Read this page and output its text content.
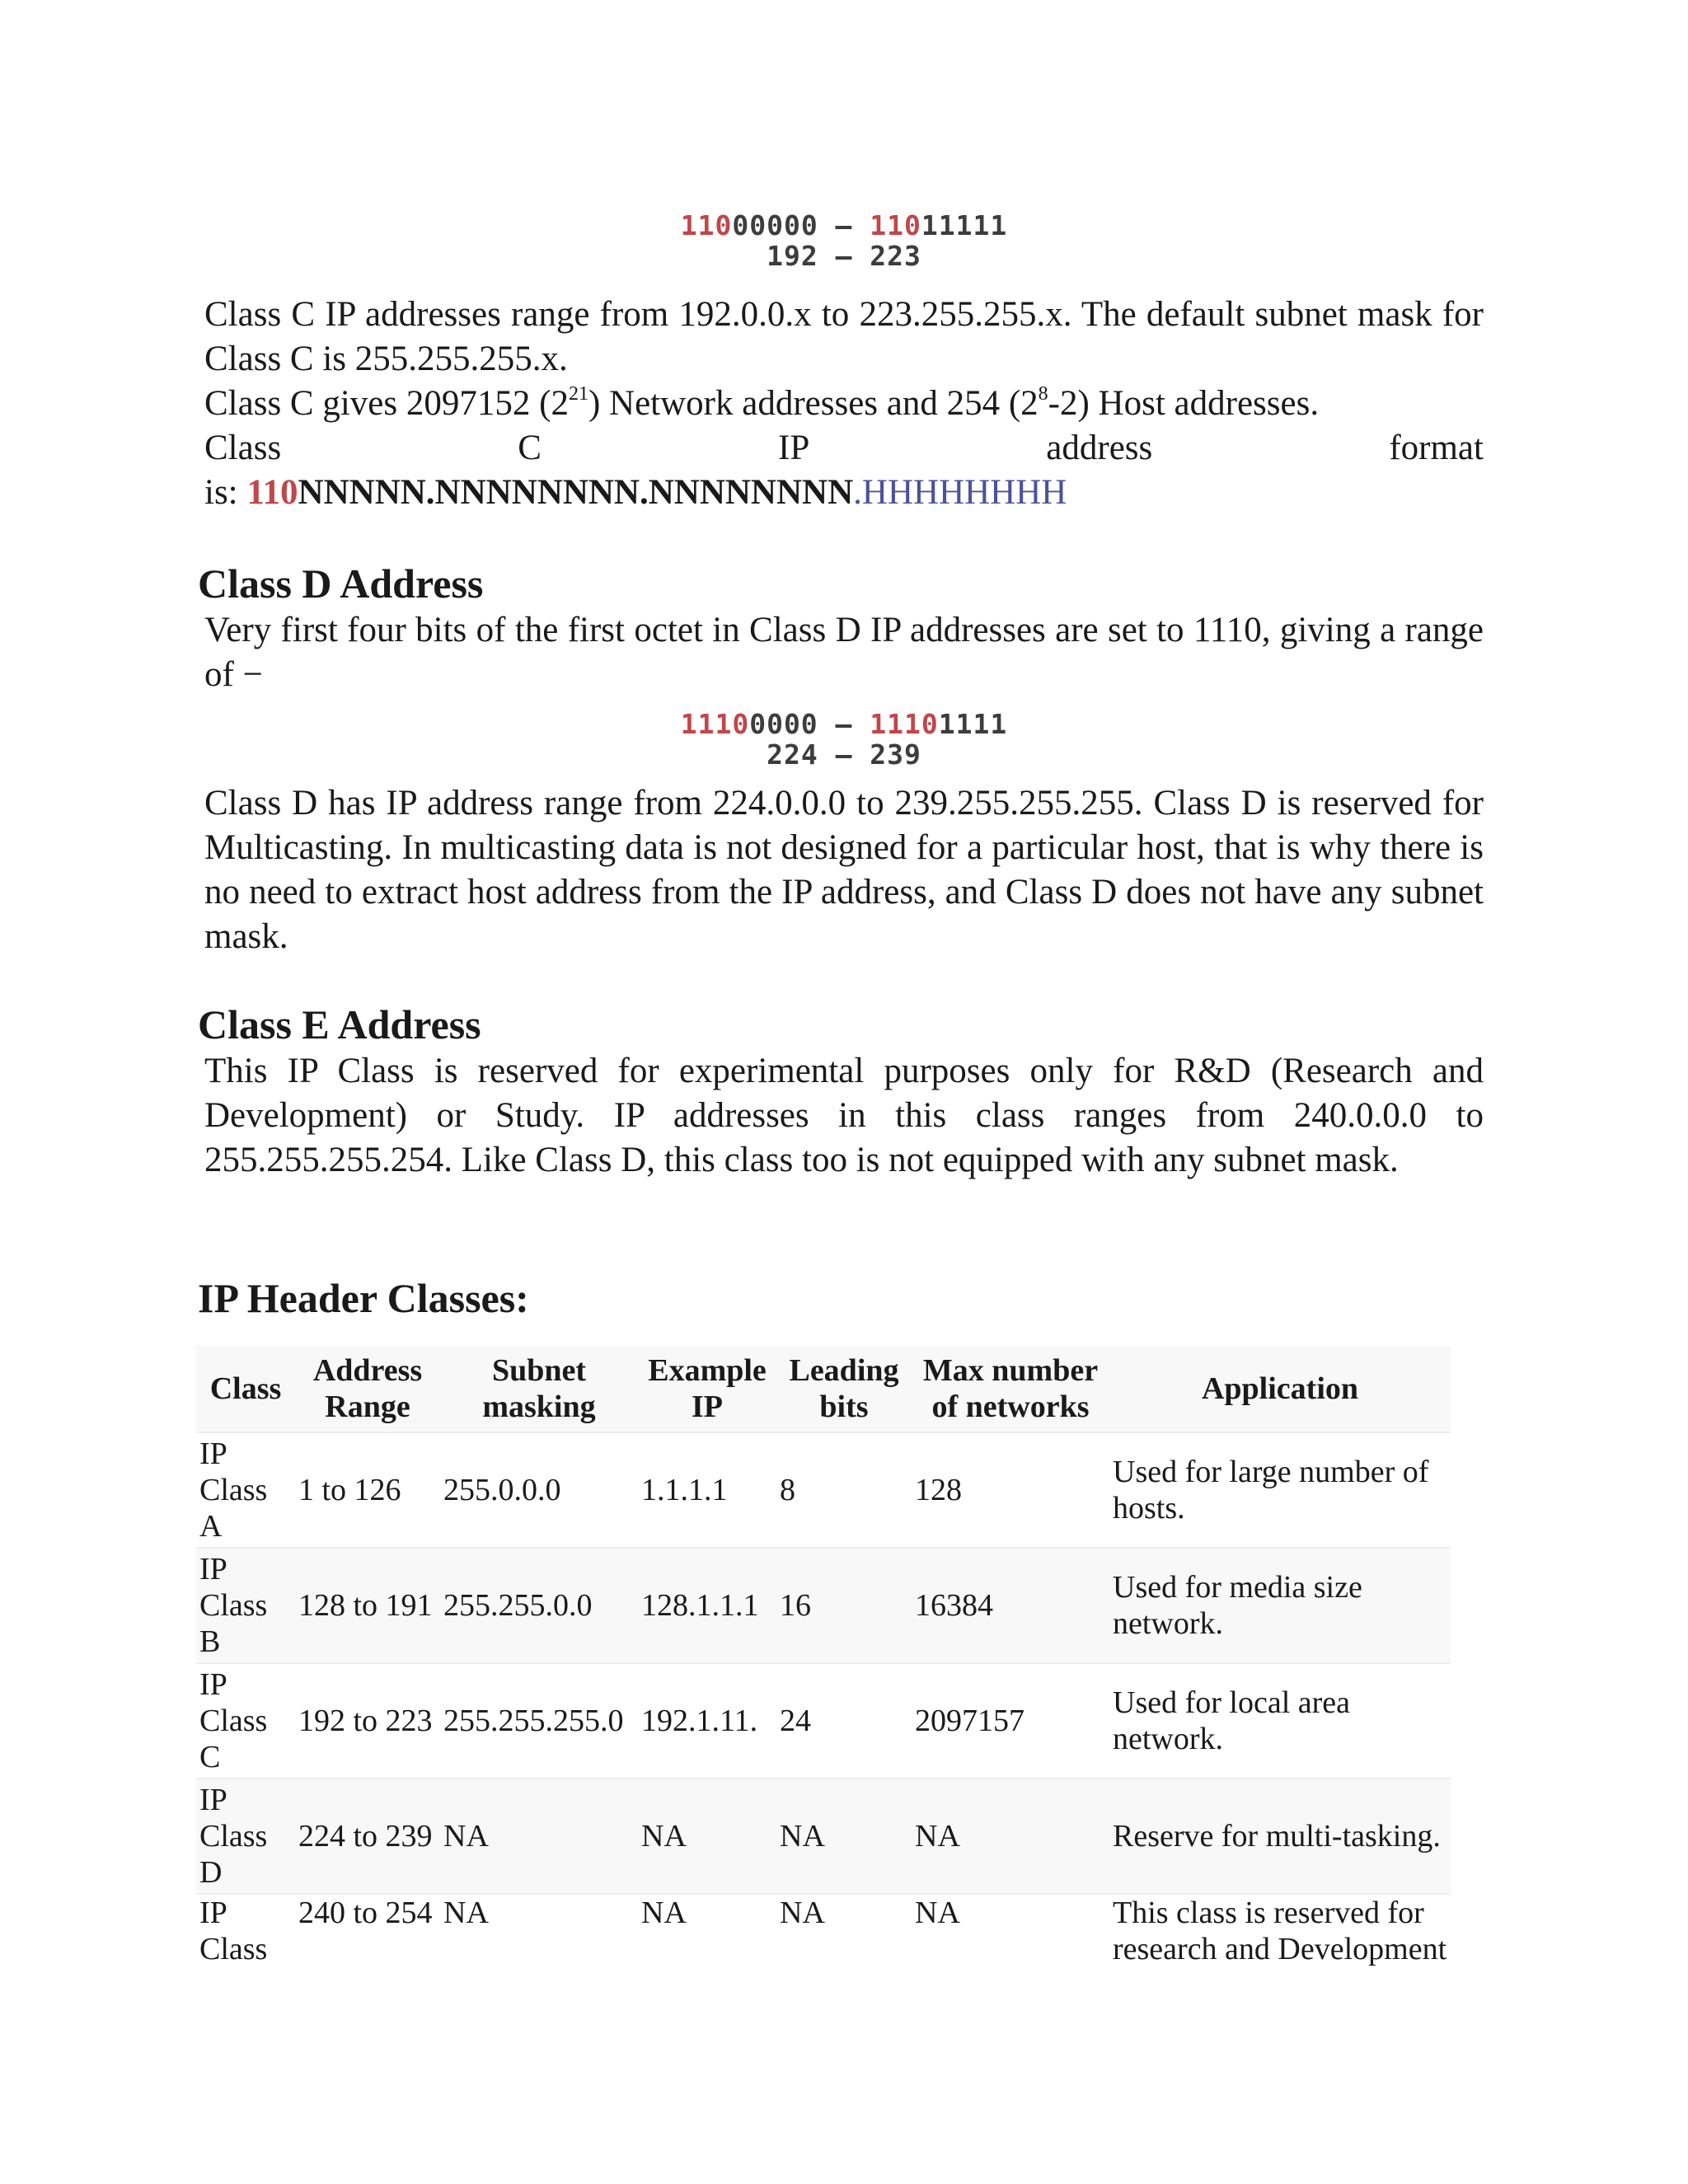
11000000 – 11011111
192 – 223

Class C IP addresses range from 192.0.0.x to 223.255.255.x. The default subnet mask for Class C is 255.255.255.x.

Class C gives 2097152 $(2^{21})$ Network addresses and 254 $(2^8-2)$ Host addresses.

Class	C	IP	address	format
is: 110NNNNN.NNNNNNNN.NNNNNNNN.HHHHHHHH
Class D Address

Very first four bits of the first octet in Class D IP addresses are set to 1110, giving a range of −

11100000 – 11101111
224 – 239

Class D has IP address range from 224.0.0.0 to 239.255.255.255. Class D is reserved for Multicasting. In multicasting data is not designed for a particular host, that is why there is no need to extract host address from the IP address, and Class D does not have any subnet mask.

Class E Address

This IP Class is reserved for experimental purposes only for R&D (Research and Development) or Study. IP addresses in this class ranges from 240.0.0.0 to 255.255.255.254. Like Class D, this class too is not equipped with any subnet mask.

IP Header Classes:
Class	Address Range	Subnet masking	Example IP	Leading bits	Max number of networks	Application

IP
Class
A	1 to 126	255.0.0.0	1.1.1.1	8	128	Used for large number of hosts.

IP
Class
B	128 to 191	255.255.0.0	128.1.1.1	16	16384	Used for media size network.

IP
Class
C	192 to 223	255.255.255.0	192.1.11.	24	2097157	Used for local area network.

IP
Class
D	224 to 239	NA	NA	NA	NA	Reserve for multi-tasking.

IP
Class	240 to 254	NA	NA	NA	NA	This class is reserved for research and Development
